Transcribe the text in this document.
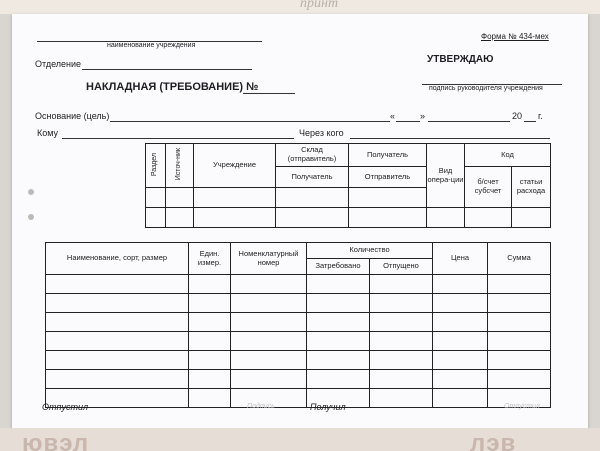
принт
наименование учреждения
Форма № 434-мех
Отделение	УТВЕРЖДАЮ
подпись руководителя учреждения
НАКЛАДНАЯ (ТРЕБОВАНИЕ) №
Основание (цель)	«	»	20 г.
Кому	Через кого
Раздел	Источ-ник	Учреждение	Склад (отправитель)	Получатель	Вид опера-ции	Код	
			Получатель	Отправитель		б/счет субсчет	статьи расхода

Наименование, сорт, размер	Един. измер.	Номенклатурный номер	Количество		Цена	Сумма
			Затребовано	Отпущено		

Отпустил	Подпись	Получил	Отпустил
ювэл	лэв
